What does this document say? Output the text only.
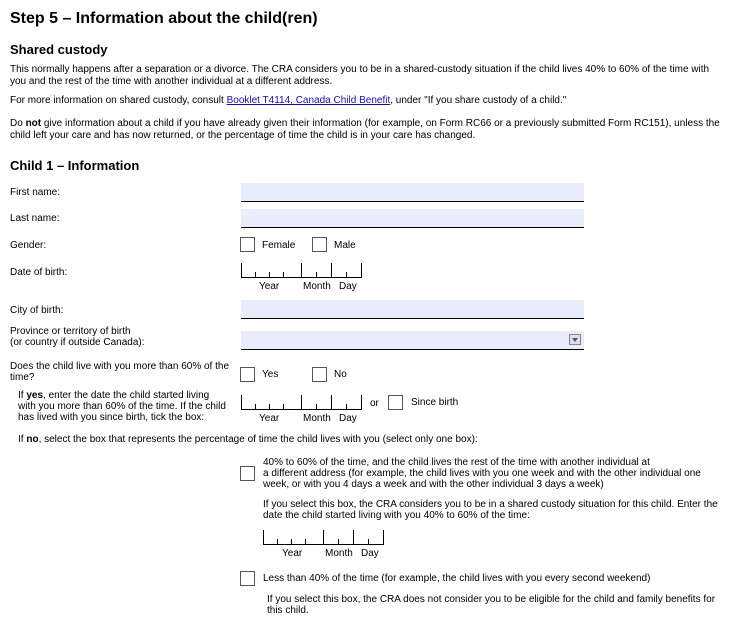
Step 5 – Information about the child(ren)
Shared custody
This normally happens after a separation or a divorce. The CRA considers you to be in a shared-custody situation if the child lives 40% to 60% of the time with
you and the rest of the time with another individual at a different address.
For more information on shared custody, consult Booklet T4114, Canada Child Benefit, under "If you share custody of a child."
Do not give information about a child if you have already given their information (for example, on Form RC66 or a previously submitted Form RC151), unless the
child left your care and has now returned, or the percentage of time the child is in your care has changed.
Child 1 – Information
First name:
Last name:
Gender:	Female	Male
Date of birth:
Year Month Day
City of birth:
Province or territory of birth
(or country if outside Canada):
Does the child live with you more than 60% of the
time?	Yes	No
If yes, enter the date the child started living
with you more than 60% of the time. If the child
has lived with you since birth, tick the box:	Year Month Day
or	Since birth
If no, select the box that represents the percentage of time the child lives with you (select only one box):
40% to 60% of the time, and the child lives the rest of the time with another individual at
a different address (for example, the child lives with you one week and with the other individual one
week, or with you 4 days a week and with the other individual 3 days a week)
If you select this box, the CRA considers you to be in a shared custody situation for this child. Enter the
date the child started living with you 40% to 60% of the time:
Year Month Day
Less than 40% of the time (for example, the child lives with you every second weekend)
If you select this box, the CRA does not consider you to be eligible for the child and family benefits for
this child.
